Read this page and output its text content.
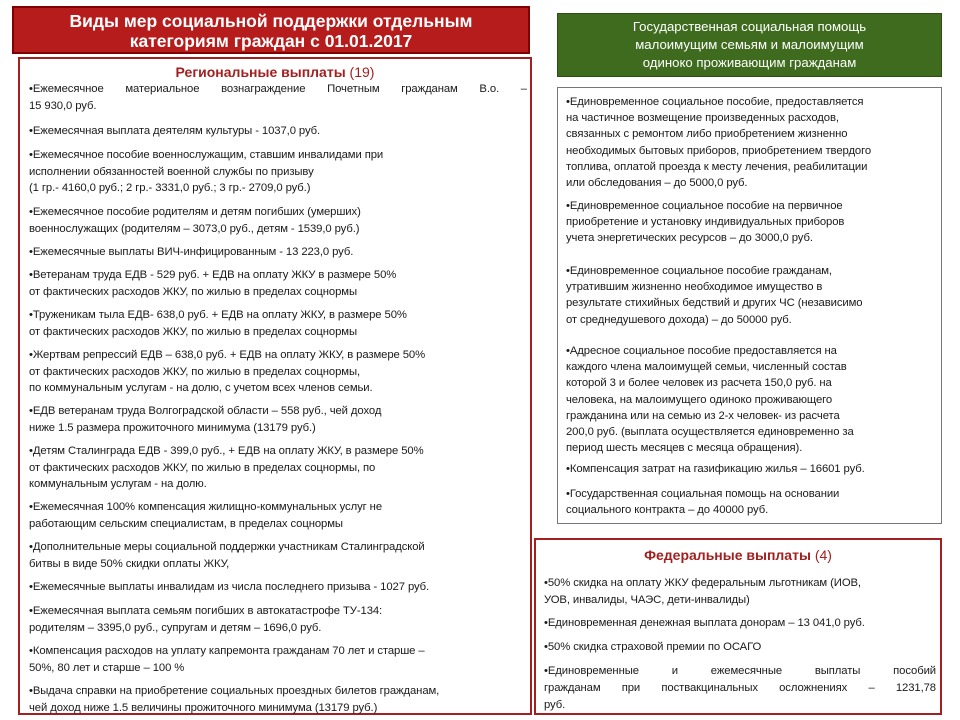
Виды мер социальной поддержки отдельным
категориям граждан с 01.01.2017
Государственная социальная помощь
малоимущим семьям и малоимущим
одиноко проживающим гражданам
Региональные выплаты (19)
•Ежемесячное материальное вознаграждение Почетным гражданам В.о. –
15 930,0 руб.
•Ежемесячная выплата деятелям культуры - 1037,0 руб.
•Ежемесячное пособие военнослужащим, ставшим инвалидами при
исполнении обязанностей военной службы по призыву
(1 гр.- 4160,0 руб.; 2 гр.- 3331,0 руб.; 3 гр.- 2709,0 руб.)
•Ежемесячное пособие родителям и детям погибших (умерших)
военнослужащих (родителям – 3073,0 руб., детям - 1539,0 руб.)
•Ежемесячные выплаты ВИЧ-инфицированным - 13 223,0 руб.
•Ветеранам труда ЕДВ - 529 руб. + ЕДВ на оплату ЖКУ в размере 50%
от фактических расходов ЖКУ, по жилью в пределах соцнормы
•Труженикам тыла ЕДВ- 638,0 руб. + ЕДВ на оплату ЖКУ, в размере 50%
от фактических расходов ЖКУ, по жилью в пределах соцнормы
•Жертвам репрессий ЕДВ – 638,0 руб. + ЕДВ на оплату ЖКУ, в размере 50%
от фактических расходов ЖКУ, по жилью в пределах соцнормы,
по коммунальным услугам - на долю, с учетом всех членов семьи.
•ЕДВ ветеранам труда Волгоградской области – 558 руб., чей доход
ниже 1.5 размера прожиточного минимума (13179 руб.)
•Детям Сталинграда ЕДВ - 399,0 руб., + ЕДВ на оплату ЖКУ, в размере 50%
от фактических расходов ЖКУ, по жилью в пределах соцнормы, по
коммунальным услугам - на долю.
•Ежемесячная 100% компенсация жилищно-коммунальных услуг не
работающим сельским специалистам, в пределах соцнормы
•Дополнительные меры социальной поддержки участникам Сталинградской
битвы в виде 50% скидки оплаты ЖКУ,
•Ежемесячные выплаты инвалидам из числа последнего призыва - 1027 руб.
•Ежемесячная выплата семьям погибших в автокатастрофе ТУ-134:
родителям – 3395,0 руб., супругам и детям – 1696,0 руб.
•Компенсация расходов на уплату капремонта гражданам 70 лет и старше –
50%, 80 лет и старше – 100 %
•Выдача справки на приобретение социальных проездных билетов гражданам,
чей доход ниже 1.5 величины прожиточного минимума (13179 руб.)
•Единовременное социальное пособие, предоставляется
на частичное возмещение произведенных расходов,
связанных с ремонтом либо приобретением жизненно
необходимых бытовых приборов, приобретением твердого
топлива, оплатой проезда к месту лечения, реабилитации
или обследования – до 5000,0 руб.
•Единовременное социальное пособие на первичное
приобретение и установку индивидуальных приборов
учета энергетических ресурсов – до 3000,0 руб.
•Единовременное социальное пособие гражданам,
утратившим жизненно необходимое имущество в
результате стихийных бедствий и других ЧС (независимо
от среднедушевого дохода) – до 50000 руб.
•Адресное социальное пособие предоставляется на
каждого члена малоимущей семьи, численный состав
которой 3 и более человек из расчета 150,0 руб. на
человека, на малоимущего одиноко проживающего
гражданина или на семью из 2-х человек- из расчета
200,0 руб. (выплата осуществляется единовременно за
период шесть месяцев с месяца обращения).
•Компенсация затрат на газификацию жилья – 16601 руб.
•Государственная социальная помощь на основании
социального контракта – до 40000 руб.
Федеральные выплаты (4)
•50% скидка на оплату ЖКУ федеральным льготникам (ИОВ,
УОВ, инвалиды, ЧАЭС, дети-инвалиды)
•Единовременная денежная выплата донорам – 13 041,0 руб.
•50% скидка страховой премии по ОСАГО
•Единовременные и ежемесячные выплаты пособий
гражданам при поствакцинальных осложнениях – 1231,78
руб.
